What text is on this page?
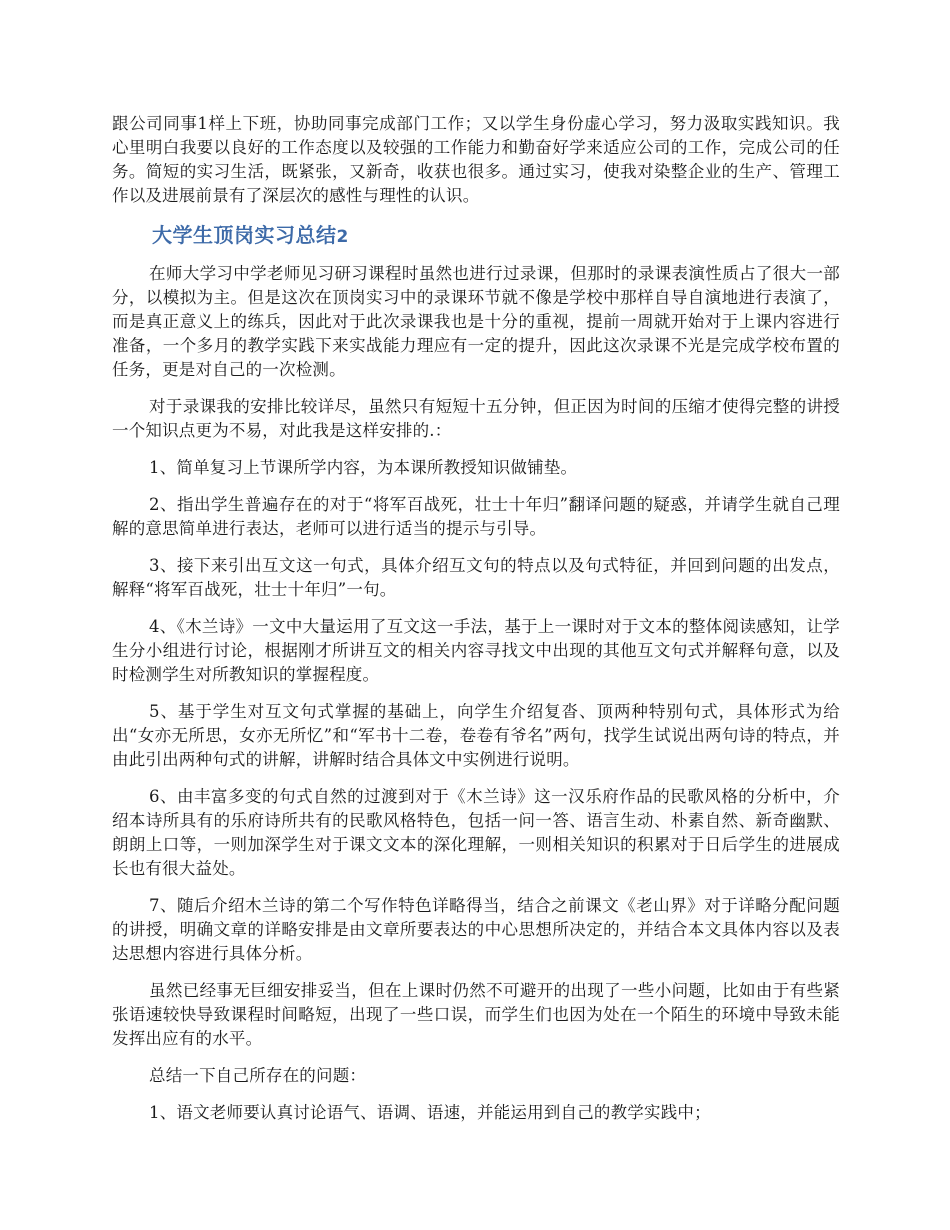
跟公司同事1样上下班，协助同事完成部门工作；又以学生身份虚心学习，努力汲取实践知识。我心里明白我要以良好的工作态度以及较强的工作能力和勤奋好学来适应公司的工作，完成公司的任务。简短的实习生活，既紧张，又新奇，收获也很多。通过实习，使我对染整企业的生产、管理工作以及进展前景有了深层次的感性与理性的认识。

大学生顶岗实习总结2

在师大学习中学老师见习研习课程时虽然也进行过录课，但那时的录课表演性质占了很大一部分，以模拟为主。但是这次在顶岗实习中的录课环节就不像是学校中那样自导自演地进行表演了，而是真正意义上的练兵，因此对于此次录课我也是十分的重视，提前一周就开始对于上课内容进行准备，一个多月的教学实践下来实战能力理应有一定的提升，因此这次录课不光是完成学校布置的任务，更是对自己的一次检测。

对于录课我的安排比较详尽，虽然只有短短十五分钟，但正因为时间的压缩才使得完整的讲授一个知识点更为不易，对此我是这样安排的.：

1、简单复习上节课所学内容，为本课所教授知识做铺垫。

2、指出学生普遍存在的对于“将军百战死，壮士十年归”翻译问题的疑惑，并请学生就自己理解的意思简单进行表达，老师可以进行适当的提示与引导。

3、接下来引出互文这一句式，具体介绍互文句的特点以及句式特征，并回到问题的出发点，解释“将军百战死，壮士十年归”一句。

4、《木兰诗》一文中大量运用了互文这一手法，基于上一课时对于文本的整体阅读感知，让学生分小组进行讨论，根据刚才所讲互文的相关内容寻找文中出现的其他互文句式并解释句意，以及时检测学生对所教知识的掌握程度。

5、基于学生对互文句式掌握的基础上，向学生介绍复沓、顶两种特别句式，具体形式为给出“女亦无所思，女亦无所忆”和“军书十二卷，卷卷有爷名”两句，找学生试说出两句诗的特点，并由此引出两种句式的讲解，讲解时结合具体文中实例进行说明。

6、由丰富多变的句式自然的过渡到对于《木兰诗》这一汉乐府作品的民歌风格的分析中，介绍本诗所具有的乐府诗所共有的民歌风格特色，包括一问一答、语言生动、朴素自然、新奇幽默、朗朗上口等，一则加深学生对于课文文本的深化理解，一则相关知识的积累对于日后学生的进展成长也有很大益处。

7、随后介绍木兰诗的第二个写作特色详略得当，结合之前课文《老山界》对于详略分配问题的讲授，明确文章的详略安排是由文章所要表达的中心思想所决定的，并结合本文具体内容以及表达思想内容进行具体分析。

虽然已经事无巨细安排妥当，但在上课时仍然不可避开的出现了一些小问题，比如由于有些紧张语速较快导致课程时间略短，出现了一些口误，而学生们也因为处在一个陌生的环境中导致未能发挥出应有的水平。

总结一下自己所存在的问题：

1、语文老师要认真讨论语气、语调、语速，并能运用到自己的教学实践中；
